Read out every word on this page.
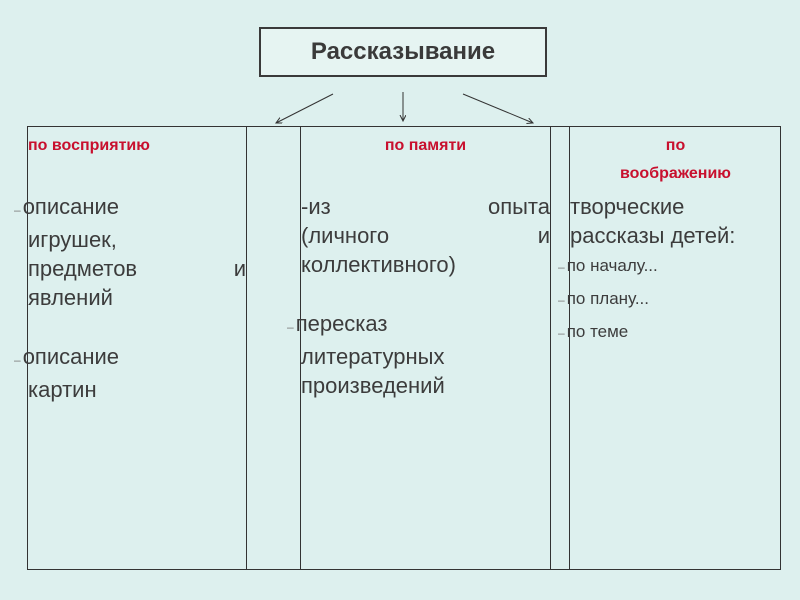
Рассказывание
по восприятию
–описание
игрушек,
предметов	и
явлений
–описание
картин
по памяти
-из	опыта
(личного	и
коллективного)
–пересказ
литературных
произведений
по
воображению
творческие
рассказы детей:
– по началу...
– по плану...
– по теме
